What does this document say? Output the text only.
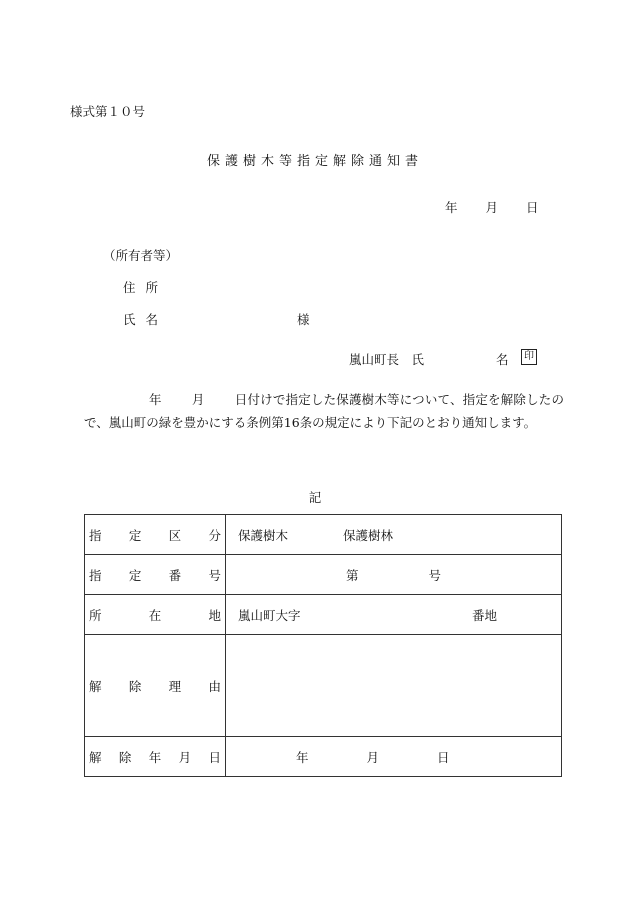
様式第１０号
保護樹木等指定解除通知書
年 月 日
（所有者等）
住所
氏名	様
嵐山町長　氏	名	印
年 月 日付けで指定した保護樹木等について、指定を解除したので、嵐山町の緑を豊かにする条例第16条の規定により下記のとおり通知します。
記
指 定 区 分	保護樹木 保護樹林

指 定 番 号	第 号

所 在 地	嵐山町大字 番地

解 除 理 由	

解 除 年 月 日	年 月 日
